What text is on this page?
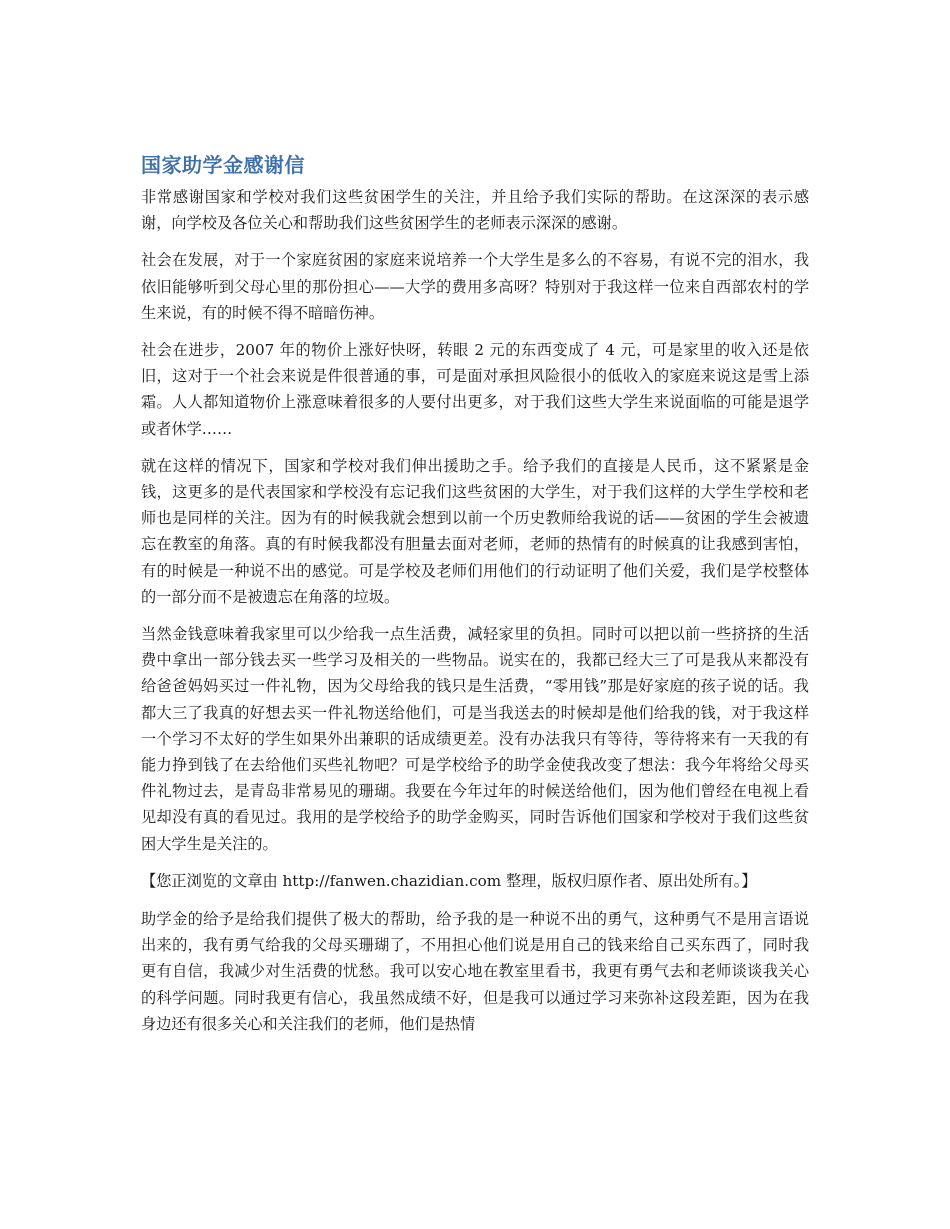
国家助学金感谢信

非常感谢国家和学校对我们这些贫困学生的关注，并且给予我们实际的帮助。在这深深的表示感谢，向学校及各位关心和帮助我们这些贫困学生的老师表示深深的感谢。

社会在发展，对于一个家庭贫困的家庭来说培养一个大学生是多么的不容易，有说不完的泪水，我依旧能够听到父母心里的那份担心——大学的费用多高呀？特别对于我这样一位来自西部农村的学生来说，有的时候不得不暗暗伤神。

社会在进步，2007 年的物价上涨好快呀，转眼 2 元的东西变成了 4 元，可是家里的收入还是依旧，这对于一个社会来说是件很普通的事，可是面对承担风险很小的低收入的家庭来说这是雪上添霜。人人都知道物价上涨意味着很多的人要付出更多，对于我们这些大学生来说面临的可能是退学或者休学……

就在这样的情况下，国家和学校对我们伸出援助之手。给予我们的直接是人民币，这不紧紧是金钱，这更多的是代表国家和学校没有忘记我们这些贫困的大学生，对于我们这样的大学生学校和老师也是同样的关注。因为有的时候我就会想到以前一个历史教师给我说的话——贫困的学生会被遗忘在教室的角落。真的有时候我都没有胆量去面对老师，老师的热情有的时候真的让我感到害怕，有的时候是一种说不出的感觉。可是学校及老师们用他们的行动证明了他们关爱，我们是学校整体的一部分而不是被遗忘在角落的垃圾。

当然金钱意味着我家里可以少给我一点生活费，减轻家里的负担。同时可以把以前一些挤挤的生活费中拿出一部分钱去买一些学习及相关的一些物品。说实在的，我都已经大三了可是我从来都没有给爸爸妈妈买过一件礼物，因为父母给我的钱只是生活费，“零用钱”那是好家庭的孩子说的话。我都大三了我真的好想去买一件礼物送给他们，可是当我送去的时候却是他们给我的钱，对于我这样一个学习不太好的学生如果外出兼职的话成绩更差。没有办法我只有等待，等待将来有一天我的有能力挣到钱了在去给他们买些礼物吧？可是学校给予的助学金使我改变了想法：我今年将给父母买件礼物过去，是青岛非常易见的珊瑚。我要在今年过年的时候送给他们，因为他们曾经在电视上看见却没有真的看见过。我用的是学校给予的助学金购买，同时告诉他们国家和学校对于我们这些贫困大学生是关注的。

【您正浏览的文章由 http://fanwen.chazidian.com 整理，版权归原作者、原出处所有。】

助学金的给予是给我们提供了极大的帮助，给予我的是一种说不出的勇气，这种勇气不是用言语说出来的，我有勇气给我的父母买珊瑚了，不用担心他们说是用自己的钱来给自己买东西了，同时我更有自信，我减少对生活费的忧愁。我可以安心地在教室里看书，我更有勇气去和老师谈谈我关心的科学问题。同时我更有信心，我虽然成绩不好，但是我可以通过学习来弥补这段差距，因为在我身边还有很多关心和关注我们的老师，他们是热情
